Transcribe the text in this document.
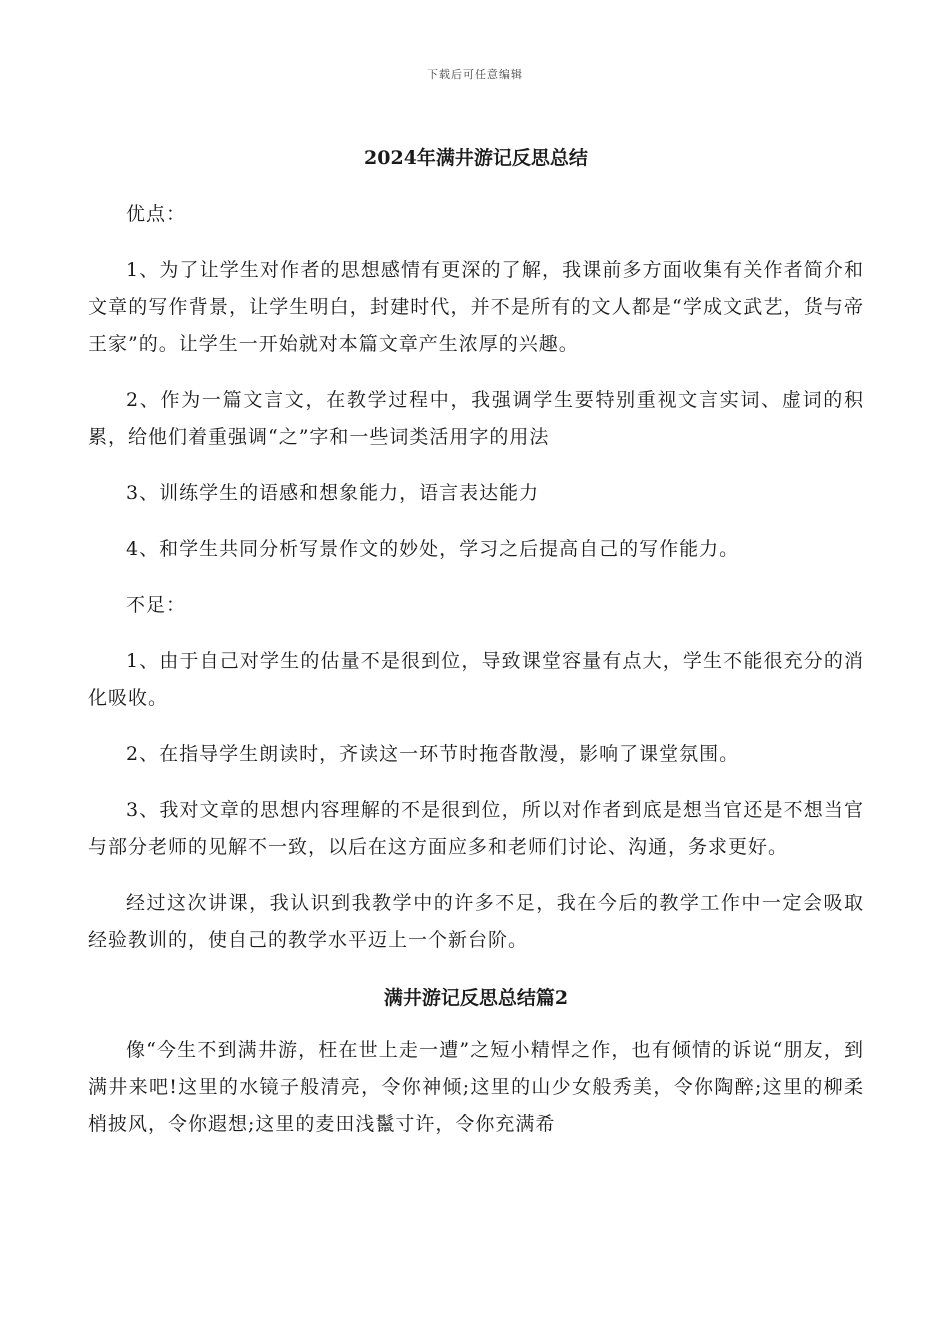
下载后可任意编辑
2024年满井游记反思总结

优点：

1、为了让学生对作者的思想感情有更深的了解，我课前多方面收集有关作者简介和文章的写作背景，让学生明白，封建时代，并不是所有的文人都是“学成文武艺，货与帝王家”的。让学生一开始就对本篇文章产生浓厚的兴趣。

2、作为一篇文言文，在教学过程中，我强调学生要特别重视文言实词、虚词的积累，给他们着重强调“之”字和一些词类活用字的用法

3、训练学生的语感和想象能力，语言表达能力

4、和学生共同分析写景作文的妙处，学习之后提高自己的写作能力。

不足：

1、由于自己对学生的估量不是很到位，导致课堂容量有点大，学生不能很充分的消化吸收。

2、在指导学生朗读时，齐读这一环节时拖沓散漫，影响了课堂氛围。

3、我对文章的思想内容理解的不是很到位，所以对作者到底是想当官还是不想当官与部分老师的见解不一致，以后在这方面应多和老师们讨论、沟通，务求更好。

经过这次讲课，我认识到我教学中的许多不足，我在今后的教学工作中一定会吸取经验教训的，使自己的教学水平迈上一个新台阶。

满井游记反思总结篇2

像“今生不到满井游，枉在世上走一遭”之短小精悍之作，也有倾情的诉说“朋友，到满井来吧!这里的水镜子般清亮，令你神倾;这里的山少女般秀美，令你陶醉;这里的柳柔梢披风，令你遐想;这里的麦田浅鬣寸许，令你充满希
